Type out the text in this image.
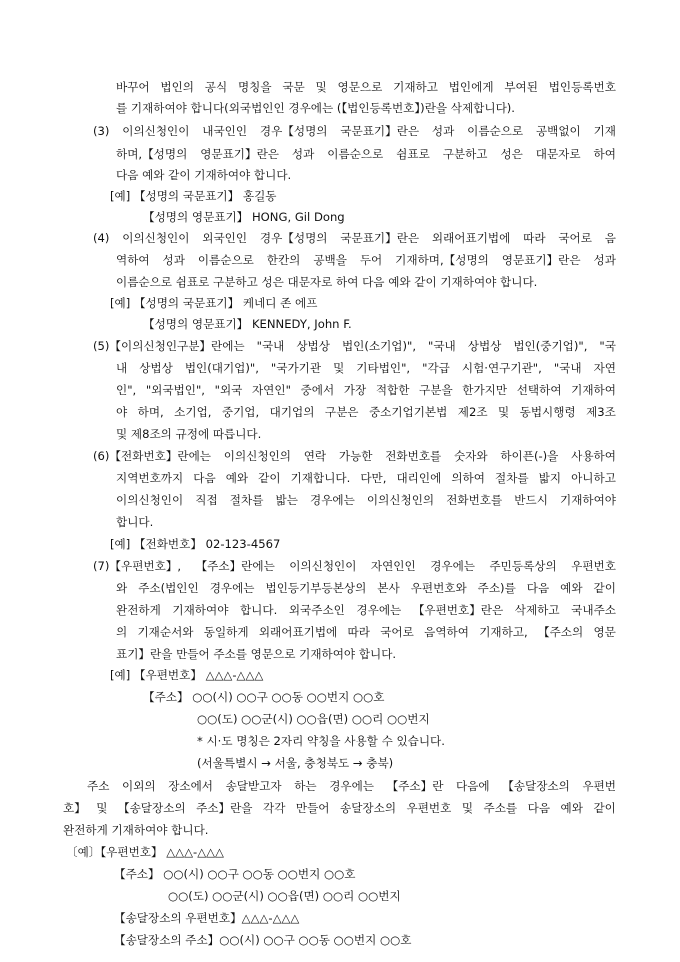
바꾸어 법인의 공식 명칭을 국문 및 영문으로 기재하고 법인에게 부여된 법인등록번호
를 기재하여야 합니다(외국법인인 경우에는 (【법인등록번호】)란을 삭제합니다).
(3) 이의신청인이 내국인인 경우【성명의 국문표기】란은 성과 이름순으로 공백없이 기재
하며,【성명의 영문표기】란은 성과 이름순으로 쉼표로 구분하고 성은 대문자로 하여
다음 예와 같이 기재하여야 합니다.
[예] 【성명의 국문표기】 홍길동
【성명의 영문표기】 HONG, Gil Dong
(4) 이의신청인이 외국인인 경우【성명의 국문표기】란은 외래어표기법에 따라 국어로 음
역하여 성과 이름순으로 한칸의 공백을 두어 기재하며,【성명의 영문표기】란은 성과
이름순으로 쉼표로 구분하고 성은 대문자로 하여 다음 예와 같이 기재하여야 합니다.
[예] 【성명의 국문표기】 케네디 존 에프
【성명의 영문표기】 KENNEDY, John F.
(5)【이의신청인구분】란에는 "국내 상법상 법인(소기업)", "국내 상법상 법인(중기업)", "국
내 상법상 법인(대기업)", "국가기관 및 기타법인", "각급 시험·연구기관", "국내 자연
인", "외국법인", "외국 자연인" 중에서 가장 적합한 구분을 한가지만 선택하여 기재하여
야 하며, 소기업, 중기업, 대기업의 구분은 중소기업기본법 제2조 및 동법시행령 제3조
및 제8조의 규정에 따릅니다.
(6)【전화번호】란에는 이의신청인의 연락 가능한 전화번호를 숫자와 하이픈(-)을 사용하여
지역번호까지 다음 예와 같이 기재합니다. 다만, 대리인에 의하여 절차를 밟지 아니하고
이의신청인이 직접 절차를 밟는 경우에는 이의신청인의 전화번호를 반드시 기재하여야
합니다.
[예] 【전화번호】 02-123-4567
(7)【우편번호】, 【주소】란에는 이의신청인이 자연인인 경우에는 주민등록상의 우편번호
와 주소(법인인 경우에는 법인등기부등본상의 본사 우편번호와 주소)를 다음 예와 같이
완전하게 기재하여야 합니다. 외국주소인 경우에는 【우편번호】란은 삭제하고 국내주소
의 기재순서와 동일하게 외래어표기법에 따라 국어로 음역하여 기재하고, 【주소의 영문
표기】란을 만들어 주소를 영문으로 기재하여야 합니다.
[예] 【우편번호】 △△△-△△△
【주소】 ○○(시) ○○구 ○○동 ○○번지 ○○호
○○(도) ○○군(시) ○○읍(면) ○○리 ○○번지
* 시·도 명칭은 2자리 약칭을 사용할 수 있습니다.
(서울특별시 → 서울, 충청북도 → 충북)
주소 이외의 장소에서 송달받고자 하는 경우에는 【주소】란 다음에 【송달장소의 우편번
호】 및 【송달장소의 주소】란을 각각 만들어 송달장소의 우편번호 및 주소를 다음 예와 같이
완전하게 기재하여야 합니다.
〔예〕【우편번호】 △△△-△△△
【주소】 ○○(시) ○○구 ○○동 ○○번지 ○○호
○○(도) ○○군(시) ○○읍(면) ○○리 ○○번지
【송달장소의 우편번호】△△△-△△△
【송달장소의 주소】○○(시) ○○구 ○○동 ○○번지 ○○호
